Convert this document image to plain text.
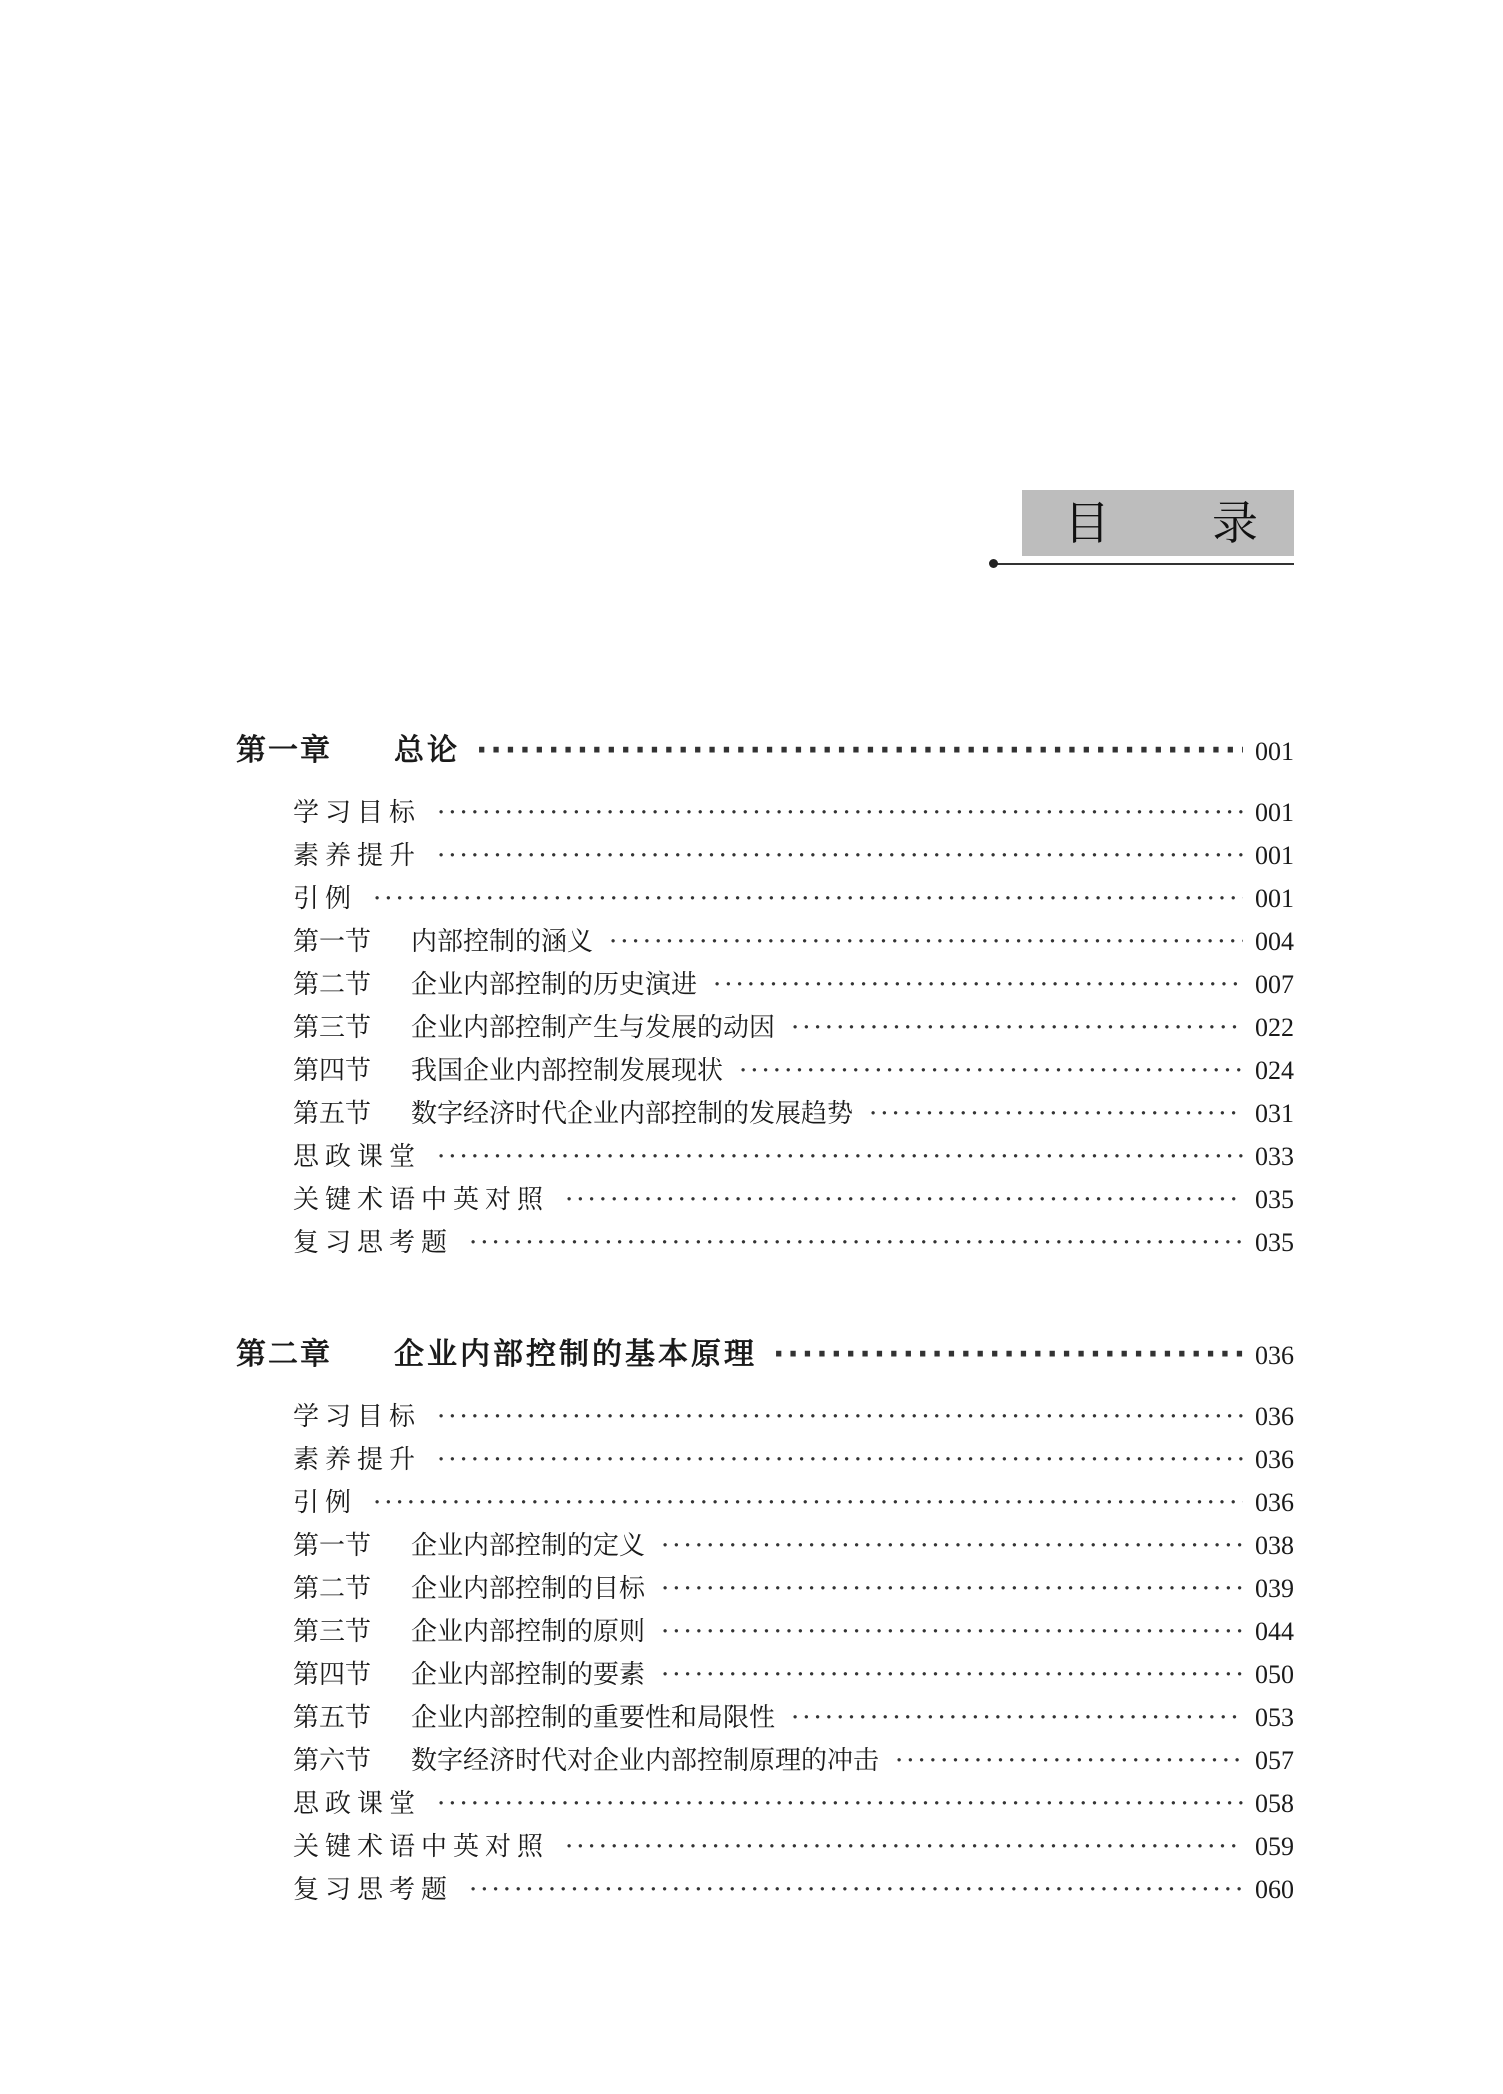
目 录
第一章 总论 ·····	001
学习目标 ·····	001
素养提升 ·····	001
引例 ·····	001
第一节 内部控制的涵义 ·····	004
第二节 企业内部控制的历史演进 ·····	007
第三节 企业内部控制产生与发展的动因 ·····	022
第四节 我国企业内部控制发展现状 ·····	024
第五节 数字经济时代企业内部控制的发展趋势 ·····	031
思政课堂 ·····	033
关键术语中英对照 ·····	035
复习思考题 ·····	035
第二章 企业内部控制的基本原理 ·····	036
学习目标 ·····	036
素养提升 ·····	036
引例 ·····	036
第一节 企业内部控制的定义 ·····	038
第二节 企业内部控制的目标 ·····	039
第三节 企业内部控制的原则 ·····	044
第四节 企业内部控制的要素 ·····	050
第五节 企业内部控制的重要性和局限性 ·····	053
第六节 数字经济时代对企业内部控制原理的冲击 ·····	057
思政课堂 ·····	058
关键术语中英对照 ·····	059
复习思考题 ·····	060
